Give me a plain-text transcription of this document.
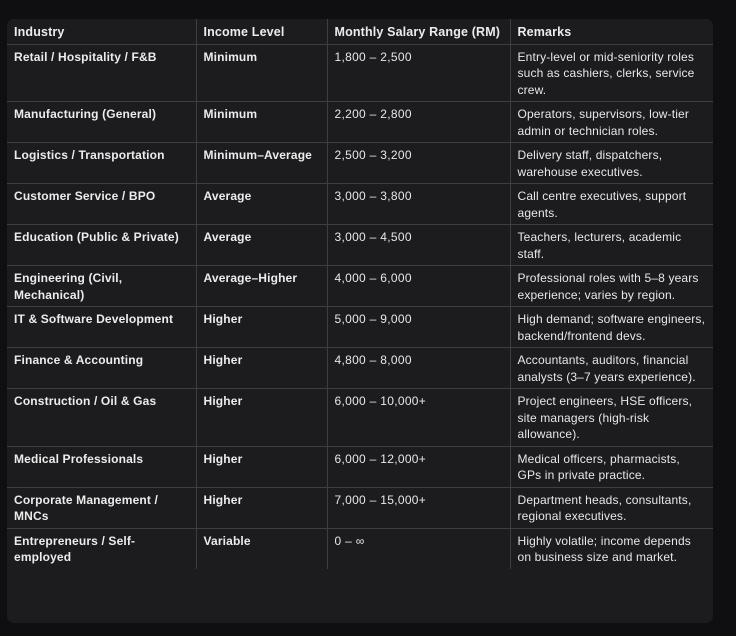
Industry	Income Level	Monthly Salary Range (RM)	Remarks
Retail / Hospitality / F&B	Minimum	1,800 – 2,500	Entry-level or mid-seniority roles such as cashiers, clerks, service crew.
Manufacturing (General)	Minimum	2,200 – 2,800	Operators, supervisors, low-tier admin or technician roles.
Logistics / Transportation	Minimum–Average	2,500 – 3,200	Delivery staff, dispatchers, warehouse executives.
Customer Service / BPO	Average	3,000 – 3,800	Call centre executives, support agents.
Education (Public & Private)	Average	3,000 – 4,500	Teachers, lecturers, academic staff.
Engineering (Civil, Mechanical)	Average–Higher	4,000 – 6,000	Professional roles with 5–8 years experience; varies by region.
IT & Software Development	Higher	5,000 – 9,000	High demand; software engineers, backend/frontend devs.
Finance & Accounting	Higher	4,800 – 8,000	Accountants, auditors, financial analysts (3–7 years experience).
Construction / Oil & Gas	Higher	6,000 – 10,000+	Project engineers, HSE officers, site managers (high-risk allowance).
Medical Professionals	Higher	6,000 – 12,000+	Medical officers, pharmacists, GPs in private practice.
Corporate Management / MNCs	Higher	7,000 – 15,000+	Department heads, consultants, regional executives.
Entrepreneurs / Self-employed	Variable	0 – ∞	Highly volatile; income depends on business size and market.
